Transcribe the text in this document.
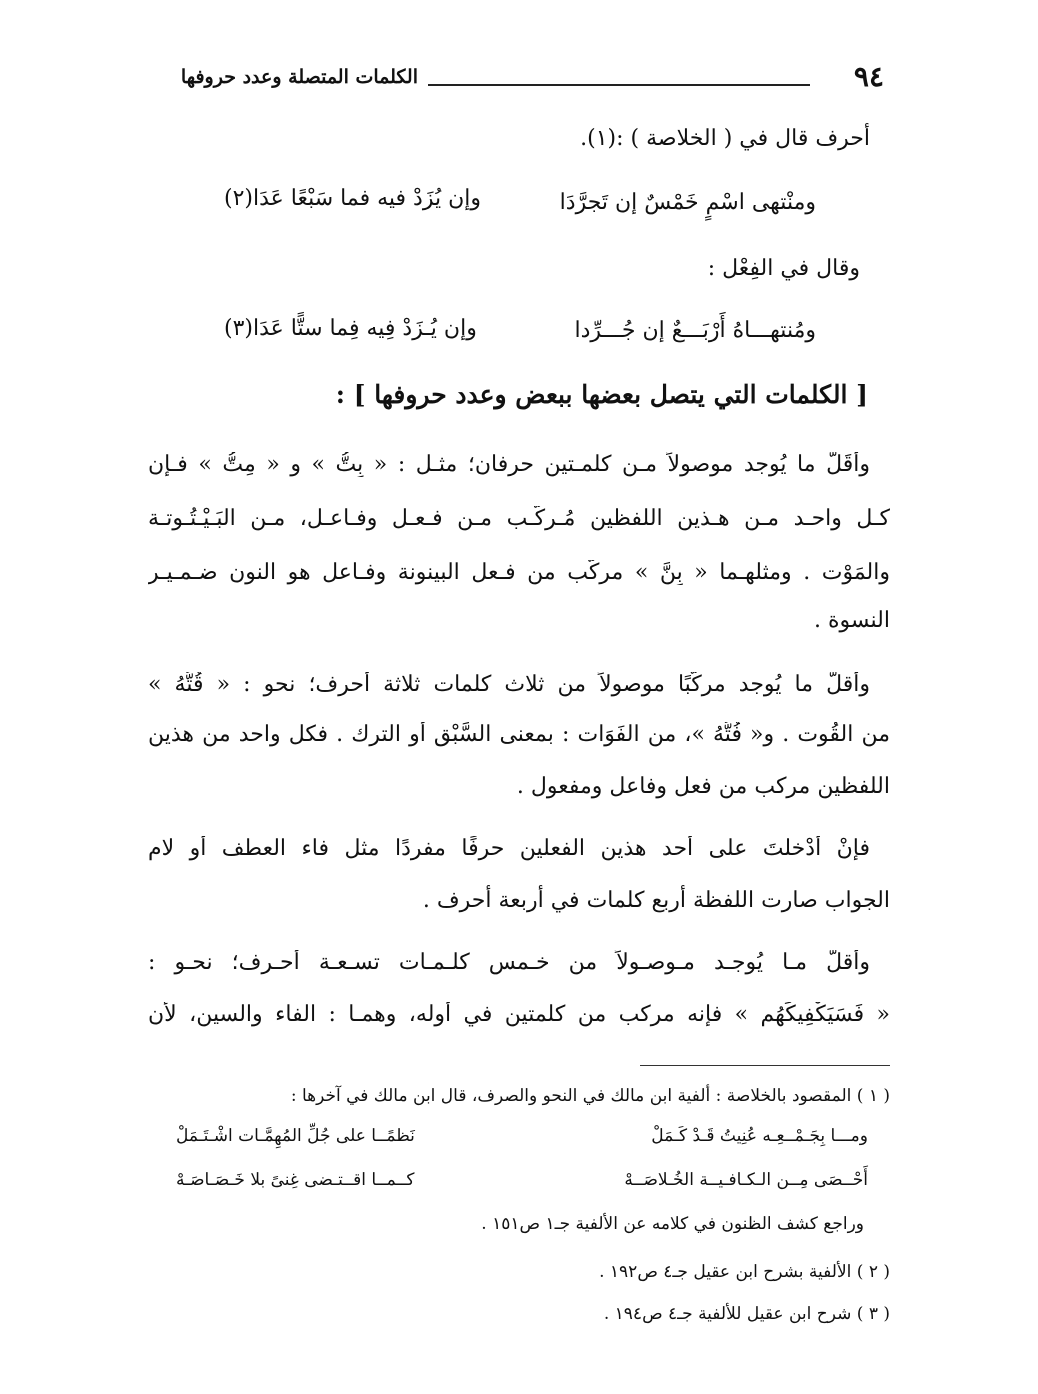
٩٤
الكلمات المتصلة وعدد حروفها
أحرف قال في ( الخلاصة ) :(١).
ومنْتهى اسْمٍ خَمْسٌ إن تَجرَّدَا
وإن يُزَدْ فيه فما سَبْعًا عَدَا(٢)
وقال في الفِعْل :
ومُنتهـــاهُ أَرْبَـــعٌ إن جُـــرِّدا
وإن يُـزَدْ فِيه فِما ستًّا عَدَا(٣)
[ الكلمات التي يتصل بعضها ببعض وعدد حروفها ] :
وأَقَلُّ ما يُوجد موصولاً مـن كلمـتين حرفان؛ مثـل : « بِتُّ » و « مِتُّ » فـإن
كـل واحـد مـن هـذين اللفظين مُـركَّـب مـن فـعـل وفـاعـل، مـن البَـيْـتُـوتـة
والمَوْت . ومثلهـما « بِنَّ » مركَّب من فـعل البينونة وفـاعل هو النون ضـمـيـر
النسوة .
وأَقلُّ ما يُوجد مركّبًا موصولاً من ثلاث كلمات ثلاثة أحرف؛ نحو : « قُتُّهُ »
من القُوت . و« فُتُّهُ »، من الفَوَات : بمعنى السَّبْق أو الترك . فكل واحد من هذين
اللفظين مركب من فعل وفاعل ومفعول .
فإنْ أَدْخلتَ على أحد هذين الفعلين حرفًا مفردًا مثل فاء العطف أو لام
الجواب صارت اللفظة أربع كلمات في أربعة أحرف .
وأَقلُّ مـا يُوجـد مـوصـولاً من خـمس كلـمـات تسـعـة أحـرف؛ نحـو :
« فَسَيَكْفِيكَهُم » فإنه مركب من كلمتين في أوله، وهمـا : الفاء والسين، لأن
( ١ ) المقصود بالخلاصة : ألفية ابن مالك في النحو والصرف، قال ابن مالك في آخرها :
ومـــا بِجَـمْــعِـه عُنِيتُ قَـدْ كَـمَلْ
نَظمًــا على جُلِّ المُهِمَّـات اشْـتَـمَلْ
أَحْــصَى مِــن الـكـافـيــة الخُـلاصَــهْ
كــمــا اقــتـضى غِنىً بلا خَـصَـاصَـهْ
وراجع كشف الظنون في كلامه عن الألفية جـ١ ص١٥١ .
( ٢ ) الألفية بشرح ابن عقيل جـ٤ ص١٩٢ .
( ٣ ) شرح ابن عقيل للألفية جـ٤ ص١٩٤ .
